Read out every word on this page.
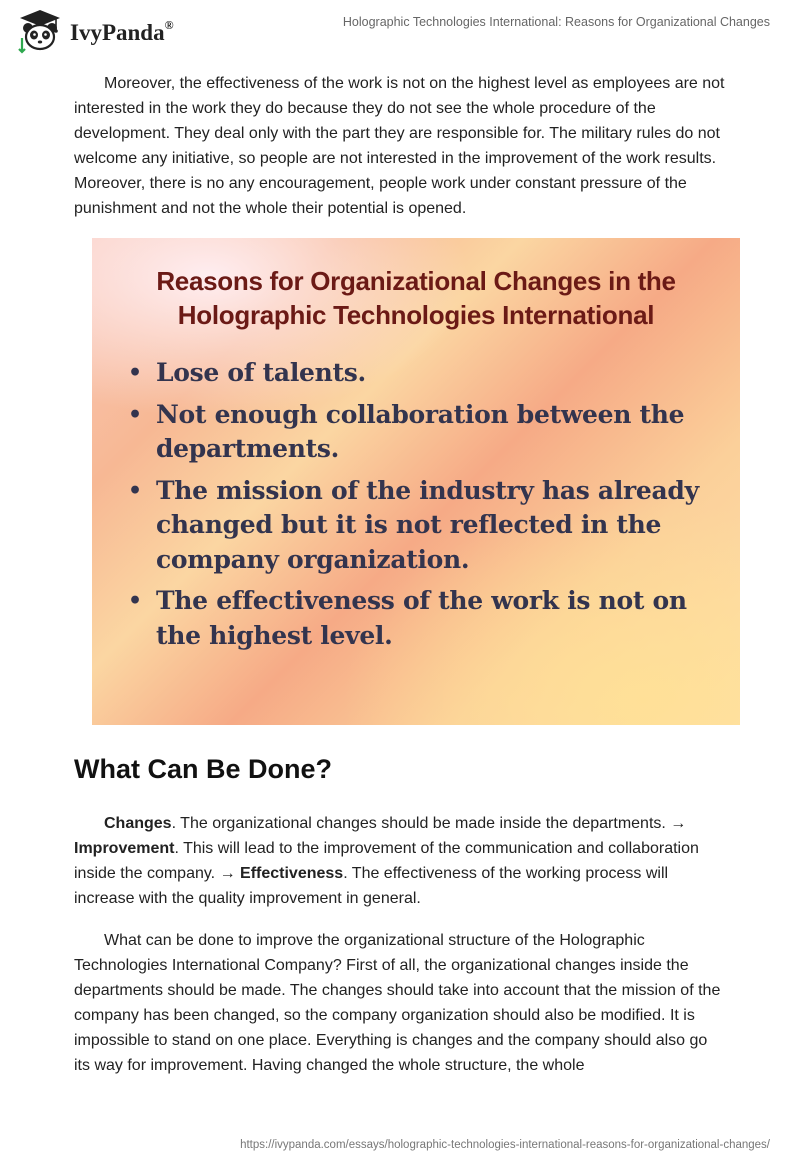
IvyPanda®	Holographic Technologies International: Reasons for Organizational Changes

Moreover, the effectiveness of the work is not on the highest level as employees are not interested in the work they do because they do not see the whole procedure of the development. They deal only with the part they are responsible for. The military rules do not welcome any initiative, so people are not interested in the improvement of the work results. Moreover, there is no any encouragement, people work under constant pressure of the punishment and not the whole their potential is opened.

Reasons for Organizational Changes in the Holographic Technologies International
• Lose of talents.
• Not enough collaboration between the departments.
• The mission of the industry has already changed but it is not reflected in the company organization.
• The effectiveness of the work is not on the highest level.
What Can Be Done?

Changes. The organizational changes should be made inside the departments. → Improvement. This will lead to the improvement of the communication and collaboration inside the company. → Effectiveness. The effectiveness of the working process will increase with the quality improvement in general.

What can be done to improve the organizational structure of the Holographic Technologies International Company? First of all, the organizational changes inside the departments should be made. The changes should take into account that the mission of the company has been changed, so the company organization should also be modified. It is impossible to stand on one place. Everything is changes and the company should also go its way for improvement. Having changed the whole structure, the whole

https://ivypanda.com/essays/holographic-technologies-international-reasons-for-organizational-changes/
